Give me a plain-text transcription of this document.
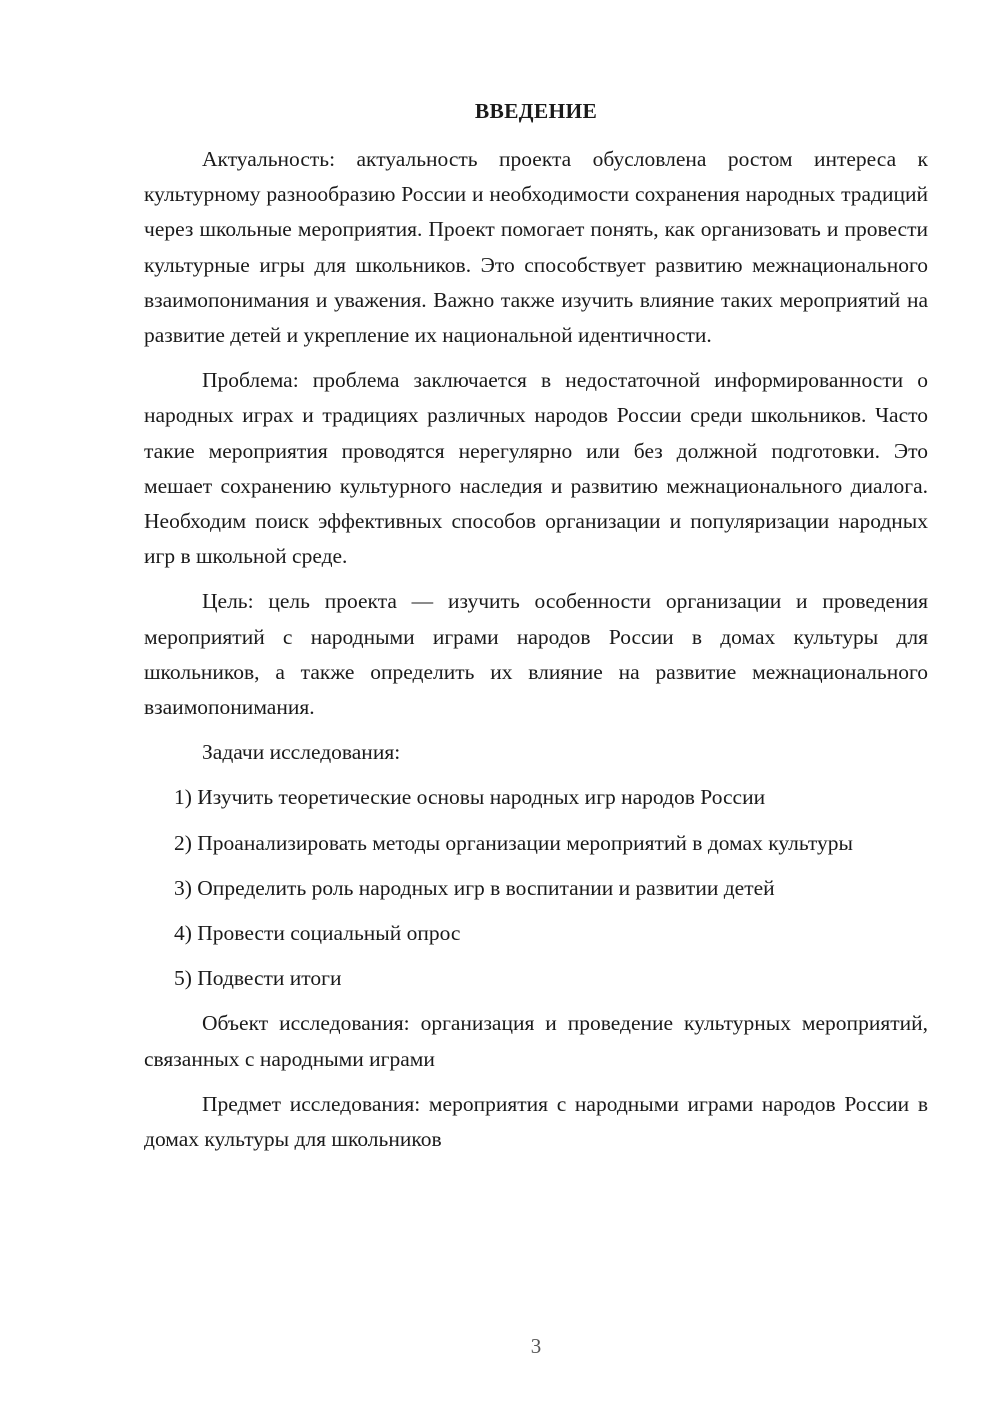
ВВЕДЕНИЕ

Актуальность: актуальность проекта обусловлена ростом интереса к культурному разнообразию России и необходимости сохранения народных традиций через школьные мероприятия. Проект помогает понять, как организовать и провести культурные игры для школьников. Это способствует развитию межнационального взаимопонимания и уважения. Важно также изучить влияние таких мероприятий на развитие детей и укрепление их национальной идентичности.

Проблема: проблема заключается в недостаточной информированности о народных играх и традициях различных народов России среди школьников. Часто такие мероприятия проводятся нерегулярно или без должной подготовки. Это мешает сохранению культурного наследия и развитию межнационального диалога. Необходим поиск эффективных способов организации и популяризации народных игр в школьной среде.

Цель: цель проекта — изучить особенности организации и проведения мероприятий с народными играми народов России в домах культуры для школьников, а также определить их влияние на развитие межнационального взаимопонимания.

Задачи исследования:

1) Изучить теоретические основы народных игр народов России

2) Проанализировать методы организации мероприятий в домах культуры

3) Определить роль народных игр в воспитании и развитии детей

4) Провести социальный опрос

5) Подвести итоги

Объект исследования: организация и проведение культурных мероприятий, связанных с народными играми

Предмет исследования: мероприятия с народными играми народов России в домах культуры для школьников

3
